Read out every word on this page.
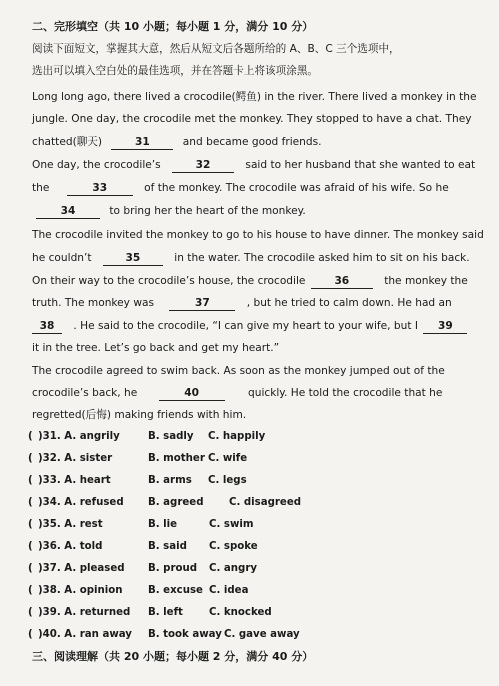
二、完形填空（共 10 小题；每小题 1 分，满分 10 分）
阅读下面短文，掌握其大意，然后从短文后各题所给的 A、B、C 三个选项中，
选出可以填入空白处的最佳选项，并在答题卡上将该项涂黑。
Long long ago, there lived a crocodile(鳄鱼) in the river. There lived a monkey in the
jungle. One day, the crocodile met the monkey. They stopped to have a chat. They
chatted(聊天)	31	and became good friends.
One day, the crocodile’s	32	said to her husband that she wanted to eat
the	33	of the monkey. The crocodile was afraid of his wife. So he
34	to bring her the heart of the monkey.
The crocodile invited the monkey to go to his house to have dinner. The monkey said
he couldn’t	35	in the water. The crocodile asked him to sit on his back.
On their way to the crocodile’s house, the crocodile	36	the monkey the
truth. The monkey was	37	, but he tried to calm down. He had an
38 . He said to the crocodile, “I can give my heart to your wife, but I 39
it in the tree. Let’s go back and get my heart.”
The crocodile agreed to swim back. As soon as the monkey jumped out of the
crocodile’s back, he	40	quickly. He told the crocodile that he
regretted(后悔) making friends with him.
( )31. A. angrily	B. sadly C. happily
( )32. A. sister	B. mother C. wife
( )33. A. heart	B. arms C. legs
( )34. A. refused B. agreed	C. disagreed
( )35. A. rest	B. lie	C. swim
( )36. A. told	B. said C. spoke
( )37. A. pleased B. proud C. angry
( )38. A. opinion B. excuse C. idea
( )39. A. returned B. left	C. knocked
( )40. A. ran away B. took away C. gave away
三、阅读理解（共 20 小题；每小题 2 分，满分 40 分）
